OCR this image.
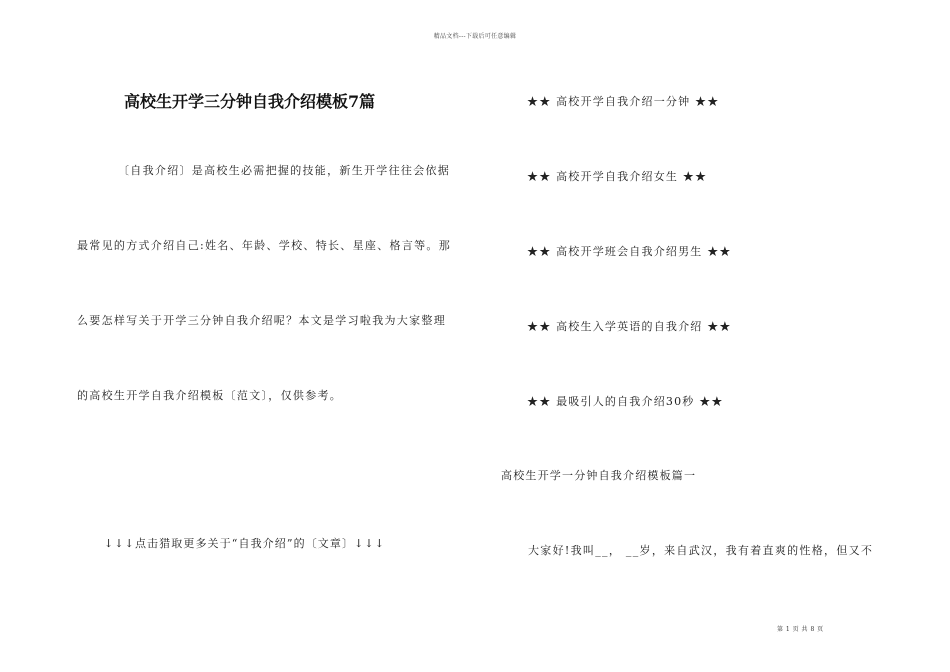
精品文档---下载后可任意编辑
高校生开学三分钟自我介绍模板7篇
〔自我介绍〕是高校生必需把握的技能，新生开学往往会依据
最常见的方式介绍自己:姓名、年龄、学校、特长、星座、格言等。那
么要怎样写关于开学三分钟自我介绍呢？本文是学习啦我为大家整理
的高校生开学自我介绍模板〔范文〕，仅供参考。
↓↓↓点击猎取更多关于“自我介绍”的〔文章〕↓↓↓
★★ 高校开学自我介绍一分钟 ★★
★★ 高校开学自我介绍女生 ★★
★★ 高校开学班会自我介绍男生 ★★
★★ 高校生入学英语的自我介绍 ★★
★★ 最吸引人的自我介绍30秒 ★★
高校生开学一分钟自我介绍模板篇一
大家好!我叫__， __岁，来自武汉，我有着直爽的性格，但又不
第 1 页 共 8 页
